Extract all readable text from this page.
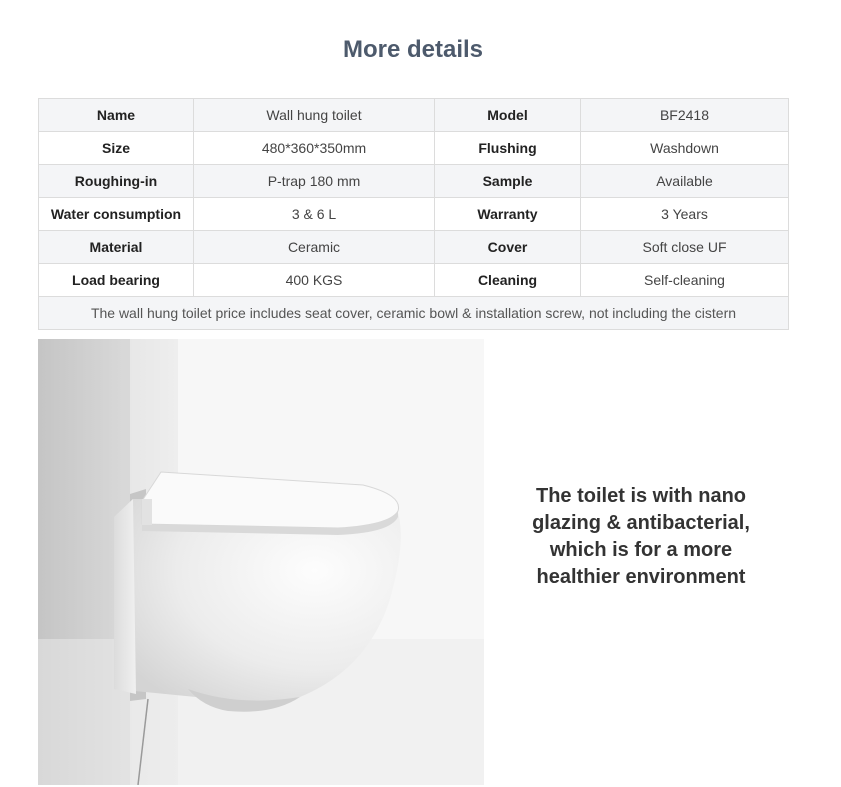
More details
Name	Wall hung toilet	Model	BF2418
Size	480*360*350mm	Flushing	Washdown
Roughing-in	P-trap 180 mm	Sample	Available
Water consumption	3 & 6 L	Warranty	3 Years
Material	Ceramic	Cover	Soft close UF
Load bearing	400 KGS	Cleaning	Self-cleaning
The wall hung toilet price includes seat cover, ceramic bowl & installation screw, not including the cistern			

The toilet is with nano glazing & antibacterial, which is for a more healthier environment
